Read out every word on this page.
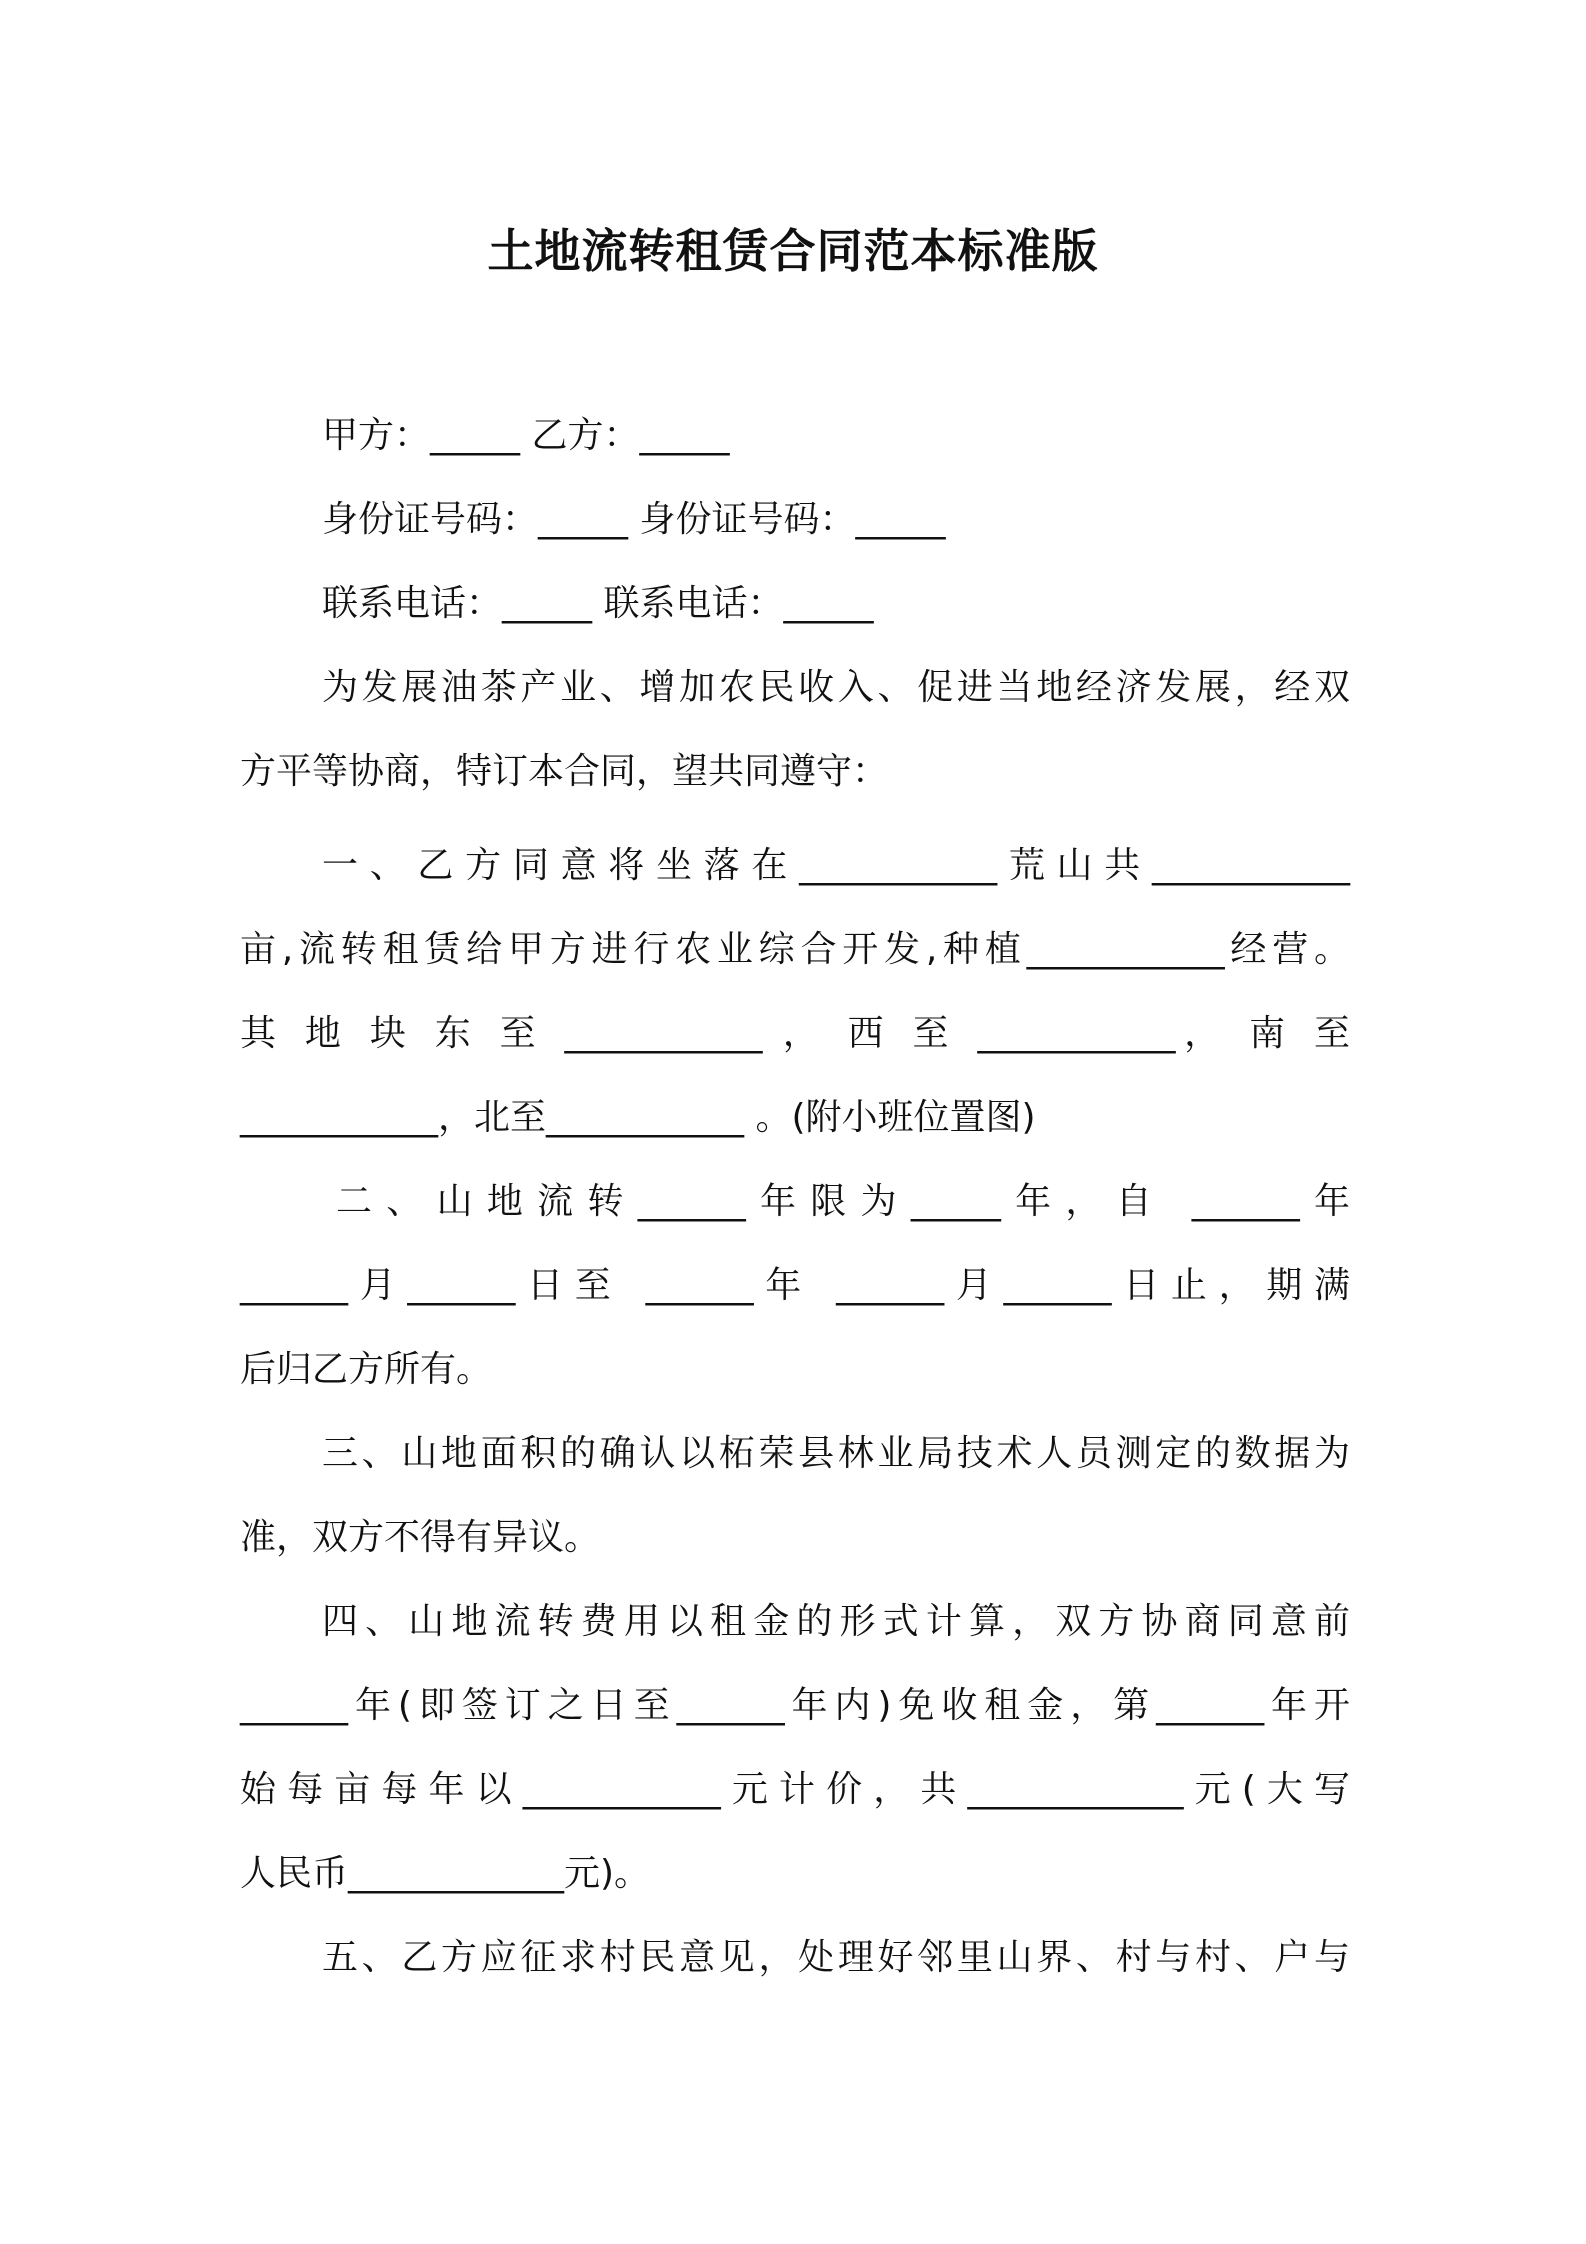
土地流转租赁合同范本标准版
甲方：_____ 乙方：_____
身份证号码：_____ 身份证号码：_____
联系电话：_____ 联系电话：_____
为发展油茶产业、增加农民收入、促进当地经济发展，经双
方平等协商，特订本合同，望共同遵守：
一、乙方同意将坐落在___________荒山共___________
亩,流转租赁给甲方进行农业综合开发,种植___________经营。
其 地 块 东 至 ___________ ， 西 至 ___________， 南 至
___________，北至___________ 。(附小班位置图)
二、山地流转______年限为_____年，自 ______年
______月______日至 ______年 ______月______日止，期满
后归乙方所有。
三、山地面积的确认以柘荣县林业局技术人员测定的数据为
准，双方不得有异议。
四、山地流转费用以租金的形式计算，双方协商同意前
______年(即签订之日至______年内)免收租金，第______年开
始每亩每年以___________元计价，共____________元(大写
人民币____________元)。
五、乙方应征求村民意见，处理好邻里山界、村与村、户与
